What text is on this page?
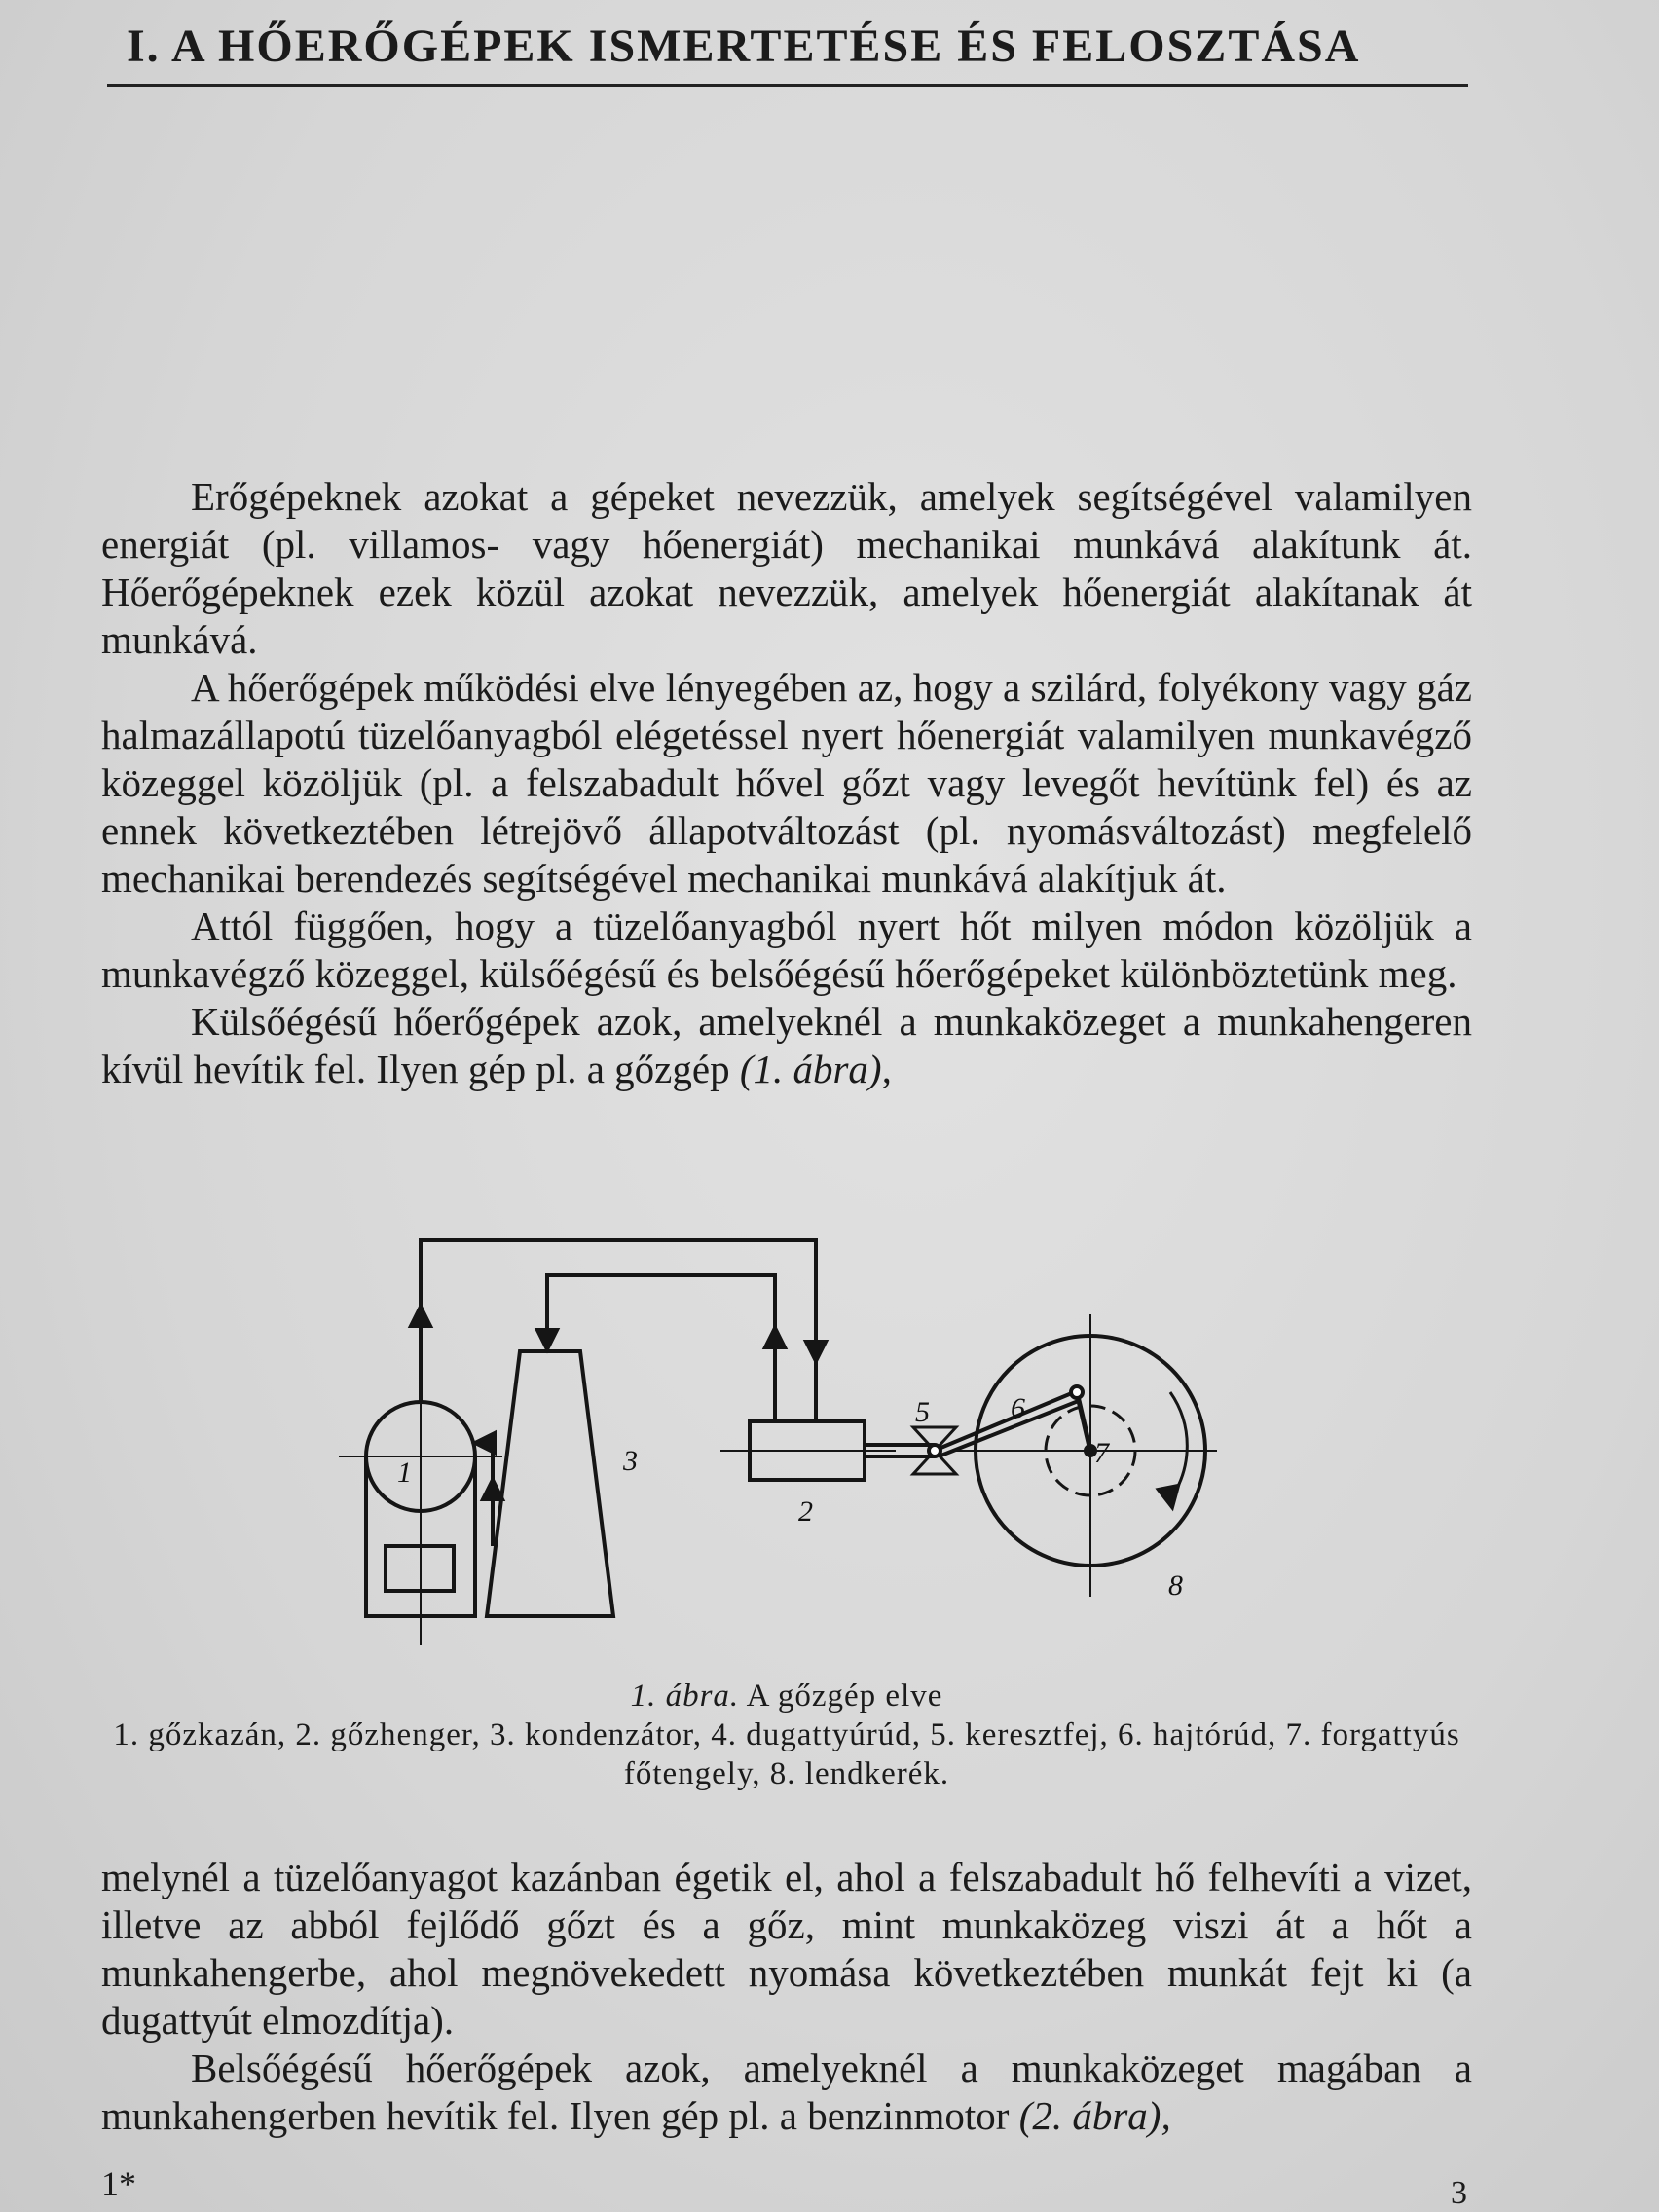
I. A HŐERŐGÉPEK ISMERTETÉSE ÉS FELOSZTÁSA

Erőgépeknek azokat a gépeket nevezzük, amelyek segítségével valamilyen energiát (pl. villamos- vagy hőenergiát) mechanikai munkává alakítunk át. Hőerőgépeknek ezek közül azokat nevezzük, amelyek hőenergiát alakítanak át munkává.

A hőerőgépek működési elve lényegében az, hogy a szilárd, folyékony vagy gáz halmazállapotú tüzelőanyagból elégetéssel nyert hőenergiát valamilyen munkavégző közeggel közöljük (pl. a felszabadult hővel gőzt vagy levegőt hevítünk fel) és az ennek következtében létrejövő állapotváltozást (pl. nyomásváltozást) megfelelő mechanikai berendezés segítségével mechanikai munkává alakítjuk át.

Attól függően, hogy a tüzelőanyagból nyert hőt milyen módon közöljük a munkavégző közeggel, külsőégésű és belsőégésű hőerőgépeket különböztetünk meg.

Külsőégésű hőerőgépek azok, amelyeknél a munkaközeget a munkahengeren kívül hevítik fel. Ilyen gép pl. a gőzgép (1. ábra),

1
2
3
5	6
7
8
1. ábra. A gőzgép elve
1. gőzkazán, 2. gőzhenger, 3. kondenzátor, 4. dugattyúrúd, 5. keresztfej, 6. hajtórúd, 7. forgattyús főtengely, 8. lendkerék.

melynél a tüzelőanyagot kazánban égetik el, ahol a felszabadult hő felhevíti a vizet, illetve az abból fejlődő gőzt és a gőz, mint munkaközeg viszi át a hőt a munkahengerbe, ahol megnövekedett nyomása következtében munkát fejt ki (a dugattyút elmozdítja).

Belsőégésű hőerőgépek azok, amelyeknél a munkaközeget magában a munkahengerben hevítik fel. Ilyen gép pl. a benzinmotor (2. ábra),

1*	3
